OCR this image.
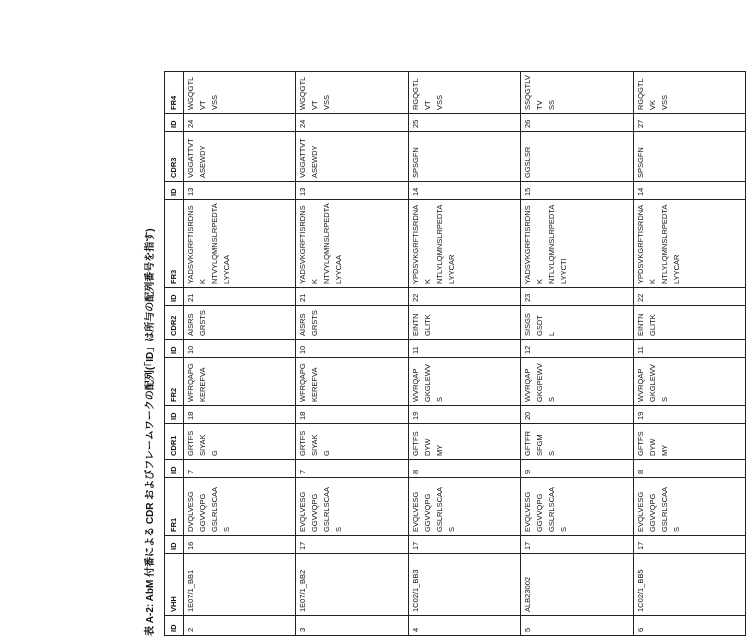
表 A-2: AbM 付番による CDR およびフレームワークの配列(「ID」は所与の配列番号を指す) ID	VHH	ID	FR1	ID	CDR1	ID	FR2	ID	CDR2	ID	FR3	ID	CDR3	ID	FR4
2	1E07/1_BB1	16	DVQLVESG
GGVVQPG
GSLRLSCAA
S	7	GRTFS
SIYAK
G	18	WFRQAPG
KEREFVA	10	AISRS
GRSTS	21	YADSVKGRFTISRDNSK
NTVYLQMNSLRPEDTA
LYYCAA	13	VGGATTVT
ASEWDY	24	WGQGTLVT
VSS
3	1E07/1_BB2	17	EVQLVESG
GGVVQPG
GSLRLSCAA
S	7	GRTFS
SIYAK
G	18	WFRQAPG
KEREFVA	10	AISRS
GRSTS	21	YADSVKGRFTISRDNSK
NTVYLQMNSLRPEDTA
LYYCAA	13	VGGATTVT
ASEWDY	24	WGQGTLVT
VSS
4	1C02/1_BB3	17	EVQLVESG
GGVVQPG
GSLRLSCAA
S	8	GFTFS
DYW
MY	19	WVRQAP
GKGLEWV
S	11	EINTN
GLITK	22	YPDSVKGRFTISRDNAK
NTLYLQMNSLRPEDTA
LYYCAR	14	SPSGFN	25	RGQGTLVT
VSS
5	ALB23002	17	EVQLVESG
GGVVQPG
GSLRLSCAA
S	9	GFTFR
SFGM
S	20	WVRQAP
GKGPEWV
S	12	SISGS
GSDT
L	23	YADSVKGRFTISRDNSK
NTLYLQMNSLRPEDTA
LYYCTI	15	GGSLSR	26	SSQGTLVTV
SS
6	1C02/1_BB5	17	EVQLVESG
GGVVQPG
GSLRLSCAA
S	8	GFTFS
DYW
MY	19	WVRQAP
GKGLEWV
S	11	EINTN
GLITK	22	YPDSVKGRFTISRDNAK
NTLYLQMNSLRPEDTA
LYYCAR	14	SPSGFN	27	RGQGTLVK
VSS
